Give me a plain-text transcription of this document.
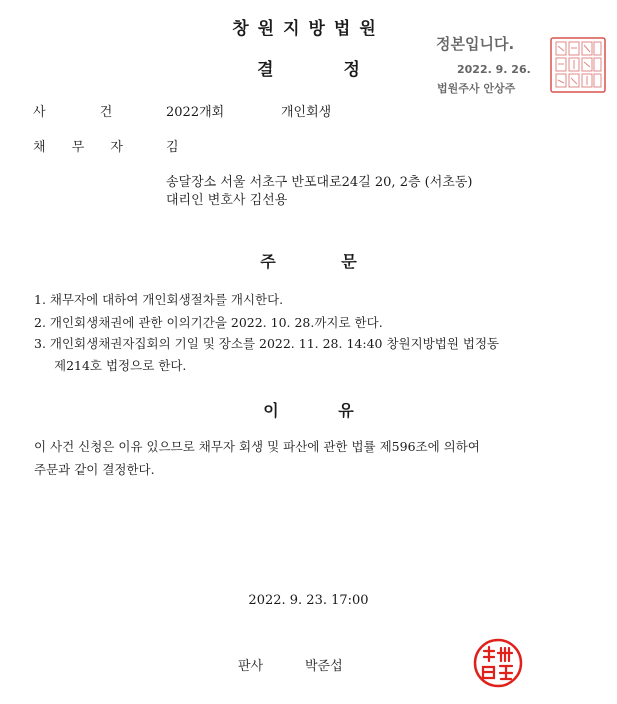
창원지방법원
결 정
정본입니다.
2022. 9. 26.
법원주사 안상주
사 건	2022개회	개인회생
채 무 자	김
송달장소 서울 서초구 반포대로24길 20, 2층 (서초동)
대리인 변호사 김선용
주 문
1. 채무자에 대하여 개인회생절차를 개시한다.
2. 개인회생채권에 관한 이의기간을 2022. 10. 28.까지로 한다.
3. 개인회생채권자집회의 기일 및 장소를 2022. 11. 28. 14:40 창원지방법원 법정동
제214호 법정으로 한다.
이 유
이 사건 신청은 이유 있으므로 채무자 회생 및 파산에 관한 법률 제596조에 의하여
주문과 같이 결정한다.
2022. 9. 23. 17:00
판사	박준섭
